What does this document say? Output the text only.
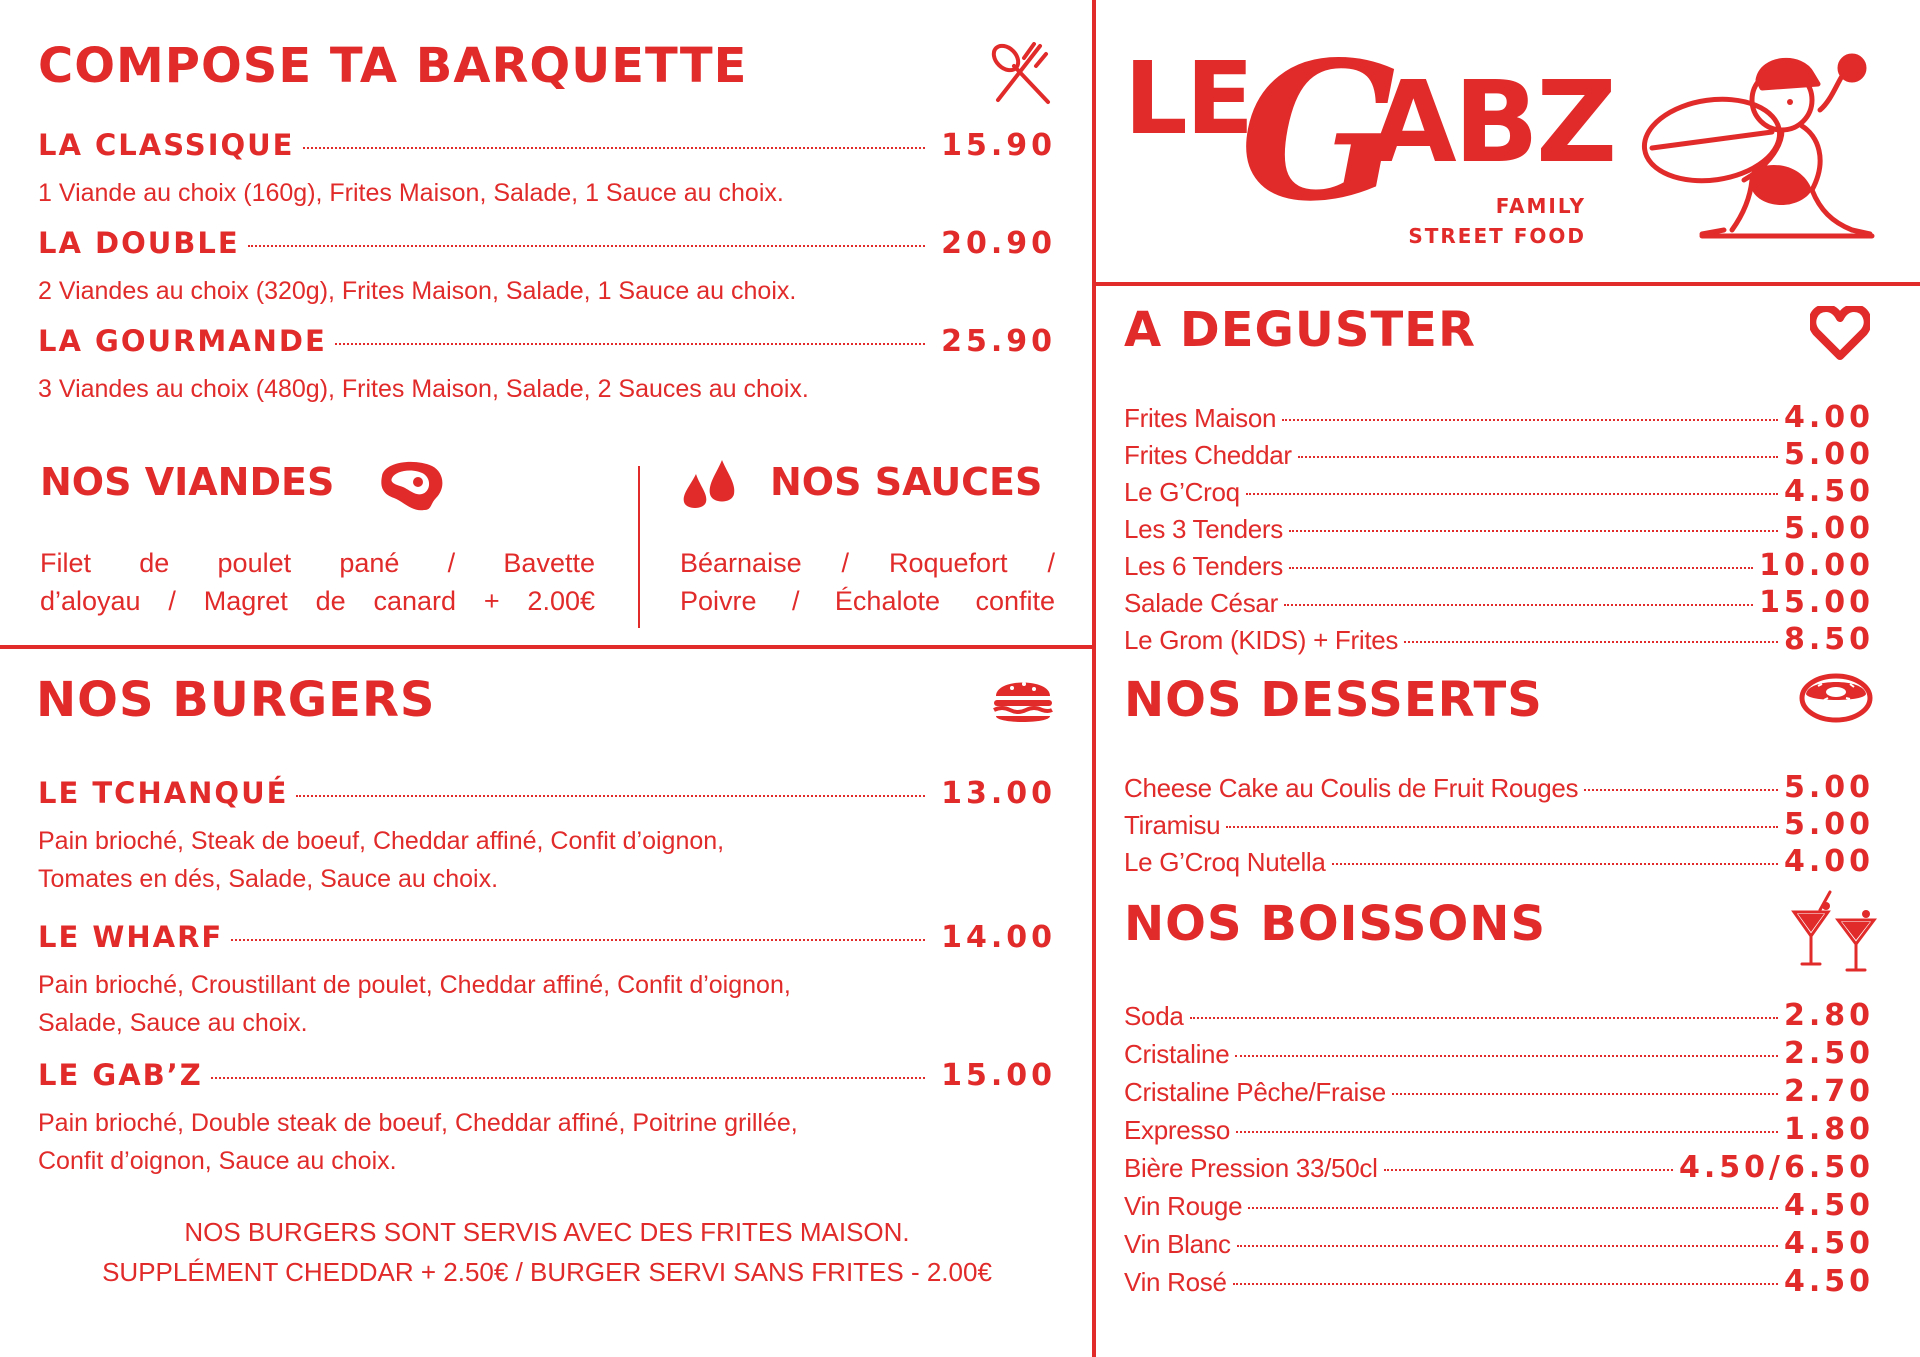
COMPOSE TA BARQUETTE
LA CLASSIQUE	15.90
1 Viande au choix (160g), Frites Maison, Salade, 1 Sauce au choix.
LA DOUBLE	20.90
2 Viandes au choix (320g), Frites Maison, Salade, 1 Sauce au choix.
LA GOURMANDE	25.90
3 Viandes au choix (480g), Frites Maison, Salade, 2 Sauces au choix.
NOS VIANDES
Filet de poulet pané / Bavette
d’aloyau / Magret de canard + 2.00€
NOS SAUCES
Béarnaise / Roquefort /
Poivre / Échalote confite
NOS BURGERS
LE TCHANQUÉ	13.00
Pain brioché, Steak de boeuf, Cheddar affiné, Confit d’oignon,
Tomates en dés, Salade, Sauce au choix.
LE WHARF	14.00
Pain brioché, Croustillant de poulet, Cheddar affiné, Confit d’oignon,
Salade, Sauce au choix.
LE GAB’Z	15.00
Pain brioché, Double steak de boeuf, Cheddar affiné, Poitrine grillée,
Confit d’oignon, Sauce au choix.
NOS BURGERS SONT SERVIS AVEC DES FRITES MAISON.
SUPPLÉMENT CHEDDAR + 2.50€ / BURGER SERVI SANS FRITES - 2.00€
LE
G
ABZ
FAMILY
STREET FOOD
A DEGUSTER
Frites Maison	4.00
Frites Cheddar	5.00
Le G’Croq	4.50
Les 3 Tenders	5.00
Les 6 Tenders	10.00
Salade César	15.00
Le Grom (KIDS) + Frites	8.50
NOS DESSERTS
Cheese Cake au Coulis de Fruit Rouges	5.00
Tiramisu	5.00
Le G’Croq Nutella	4.00
NOS BOISSONS
Soda	2.80
Cristaline	2.50
Cristaline Pêche/Fraise	2.70
Expresso	1.80
Bière Pression 33/50cl	4.50/6.50
Vin Rouge	4.50
Vin Blanc	4.50
Vin Rosé	4.50
